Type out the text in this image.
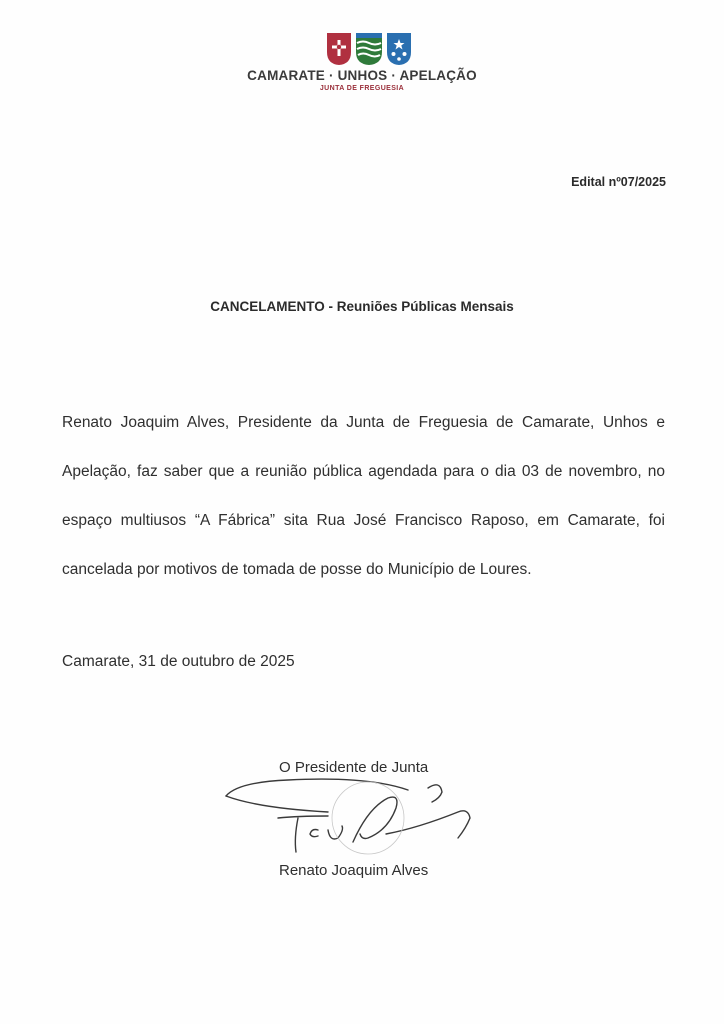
CAMARATE · UNHOS · APELAÇÃO
JUNTA DE FREGUESIA
Edital nº07/2025
CANCELAMENTO - Reuniões Públicas Mensais
Renato Joaquim Alves, Presidente da Junta de Freguesia de Camarate, Unhos e Apelação, faz saber que a reunião pública agendada para o dia 03 de novembro, no espaço multiusos “A Fábrica” sita Rua José Francisco Raposo, em Camarate, foi cancelada por motivos de tomada de posse do Município de Loures.
Camarate, 31 de outubro de 2025
O Presidente de Junta
Renato Joaquim Alves
